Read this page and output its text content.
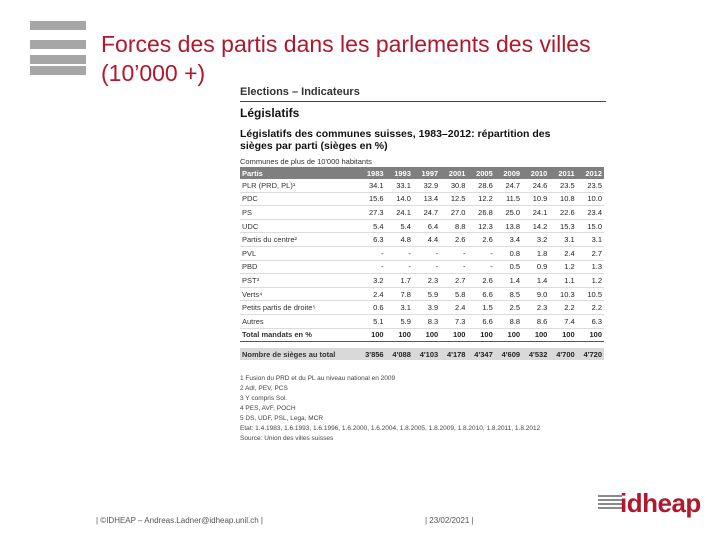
Forces des partis dans les parlements des villes (10’000 +)
Elections – Indicateurs
Législatifs
Législatifs des communes suisses, 1983–2012: répartition des sièges par parti (sièges en %)
Communes de plus de 10'000 habitants
Partis	1983	1993	1997	2001	2005	2009	2010	2011	2012
PLR (PRD, PL)¹	34.1	33.1	32.9	30.8	28.6	24.7	24.6	23.5	23.5
PDC	15.6	14.0	13.4	12.5	12.2	11.5	10.9	10.8	10.0
PS	27.3	24.1	24.7	27.0	26.8	25.0	24.1	22.6	23.4
UDC	5.4	5.4	6.4	8.8	12.3	13.8	14.2	15.3	15.0
Partis du centre²	6.3	4.8	4.4	2.6	2.6	3.4	3.2	3.1	3.1
PVL	-	-	-	-	-	0.8	1.8	2.4	2.7
PBD	-	-	-	-	-	0.5	0.9	1.2	1.3
PST³	3.2	1.7	2.3	2.7	2.6	1.4	1.4	1.1	1.2
Verts⁴	2.4	7.8	5.9	5.8	6.6	8.5	9.0	10.3	10.5
Petits partis de droite⁵	0.6	3.1	3.9	2.4	1.5	2.5	2.3	2.2	2.2
Autres	5.1	5.9	8.3	7.3	6.6	8.8	8.6	7.4	6.3
Total mandats en %	100	100	100	100	100	100	100	100	100

Nombre de sièges au total	3'856	4'088	4'103	4'178	4'347	4'609	4'532	4'700	4'720
1 Fusion du PRD et du PL au niveau national en 2009
2 AdI, PEV, PCS
3 Y compris Sol.
4 PES, AVF, POCH
5 DS, UDF, PSL, Lega, MCR
Etat: 1.4.1983, 1.6.1993, 1.6.1996, 1.6.2000, 1.6.2004, 1.8.2005, 1.8.2009, 1.8.2010, 1.8.2011, 1.8.2012
Source: Union des villes suisses
| ©IDHEAP – Andreas.Ladner@idheap.unil.ch |	| 23/02/2021 |
idheap
